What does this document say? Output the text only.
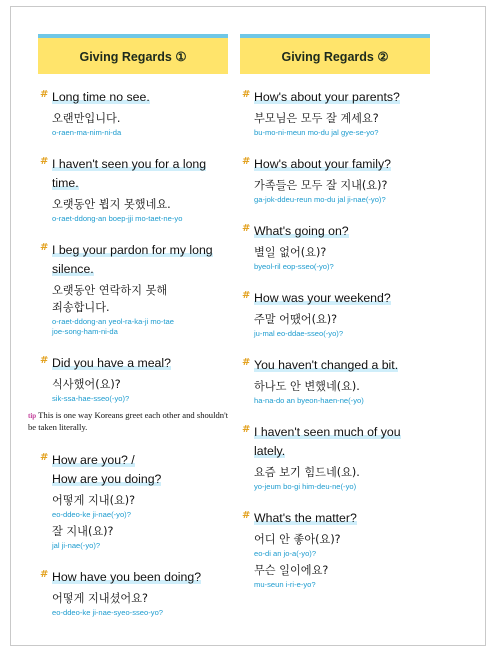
Giving Regards ①
# Long time no see.
오랜만입니다.
o-raen-ma-nim-ni-da
# I haven't seen you for a long
time.
오랫동안 뵙지 못했네요.
o-raet-ddong-an boep-jji mo-taet-ne-yo
# I beg your pardon for my long
silence.
오랫동안 연락하지 못해
죄송합니다.
o-raet-ddong-an yeol-ra-ka-ji mo-tae
joe-song-ham-ni-da
# Did you have a meal?
식사했어(요)?
sik-ssa-hae-sseo(-yo)?
tip This is one way Koreans greet each other and shouldn't be taken literally.
# How are you? /
How are you doing?
어떻게 지내(요)?
eo-ddeo-ke ji-nae(-yo)?
잘 지내(요)?
jal ji-nae(-yo)?
# How have you been doing?
어떻게 지내셨어요?
eo-ddeo-ke ji-nae-syeo-sseo-yo?
Giving Regards ②
# How's about your parents?
부모님은 모두 잘 계세요?
bu-mo-ni-meun mo-du jal gye-se-yo?
# How's about your family?
가족들은 모두 잘 지내(요)?
ga-jok-ddeu-reun mo-du jal ji-nae(-yo)?
# What's going on?
별일 없어(요)?
byeol-ril eop-sseo(-yo)?
# How was your weekend?
주말 어땠어(요)?
ju-mal eo-ddae-sseo(-yo)?
# You haven't changed a bit.
하나도 안 변했네(요).
ha-na-do an byeon-haen-ne(-yo)
# I haven't seen much of you
lately.
요즘 보기 힘드네(요).
yo-jeum bo-gi him-deu-ne(-yo)
# What's the matter?
어디 안 좋아(요)?
eo-di an jo-a(-yo)?
무슨 일이에요?
mu-seun i-ri-e-yo?
